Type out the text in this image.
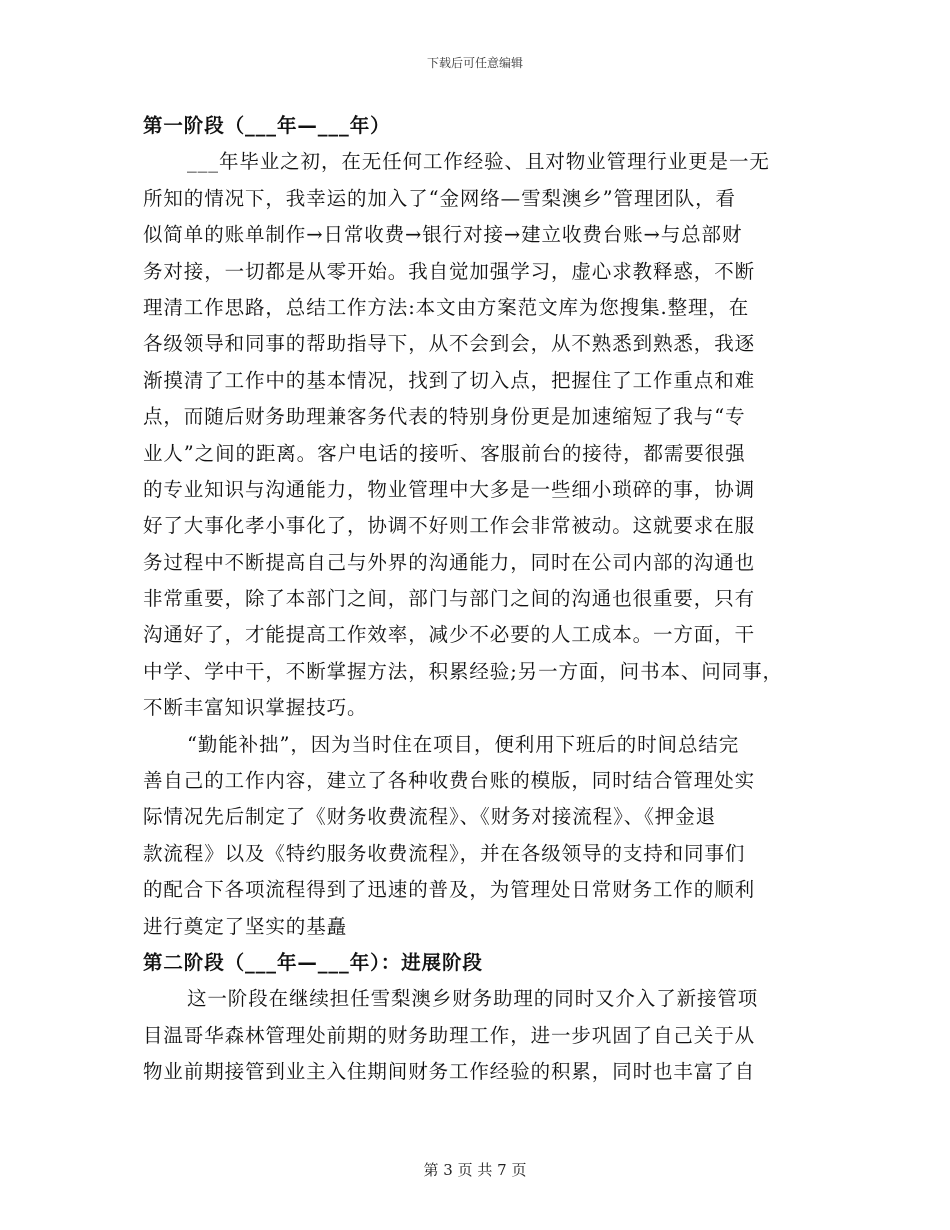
下载后可任意编辑
第一阶段（___年—___年）
___年毕业之初，在无任何工作经验、且对物业管理行业更是一无
所知的情况下，我幸运的加入了“金网络—雪梨澳乡”管理团队，看
似简单的账单制作→日常收费→银行对接→建立收费台账→与总部财
务对接，一切都是从零开始。我自觉加强学习，虚心求教释惑，不断
理清工作思路，总结工作方法:本文由方案范文库为您搜集.整理，在
各级领导和同事的帮助指导下，从不会到会，从不熟悉到熟悉，我逐
渐摸清了工作中的基本情况，找到了切入点，把握住了工作重点和难
点，而随后财务助理兼客务代表的特别身份更是加速缩短了我与“专
业人”之间的距离。客户电话的接听、客服前台的接待，都需要很强
的专业知识与沟通能力，物业管理中大多是一些细小琐碎的事，协调
好了大事化孝小事化了，协调不好则工作会非常被动。这就要求在服
务过程中不断提高自己与外界的沟通能力，同时在公司内部的沟通也
非常重要，除了本部门之间，部门与部门之间的沟通也很重要，只有
沟通好了，才能提高工作效率，减少不必要的人工成本。一方面，干
中学、学中干，不断掌握方法，积累经验;另一方面，问书本、问同事，
不断丰富知识掌握技巧。
“勤能补拙”，因为当时住在项目，便利用下班后的时间总结完
善自己的工作内容，建立了各种收费台账的模版，同时结合管理处实
际情况先后制定了《财务收费流程》、《财务对接流程》、《押金退
款流程》以及《特约服务收费流程》，并在各级领导的支持和同事们
的配合下各项流程得到了迅速的普及，为管理处日常财务工作的顺利
进行奠定了坚实的基矗
第二阶段（___年—___年）：进展阶段
这一阶段在继续担任雪梨澳乡财务助理的同时又介入了新接管项
目温哥华森林管理处前期的财务助理工作，进一步巩固了自己关于从
物业前期接管到业主入住期间财务工作经验的积累，同时也丰富了自
第 3 页 共 7 页
